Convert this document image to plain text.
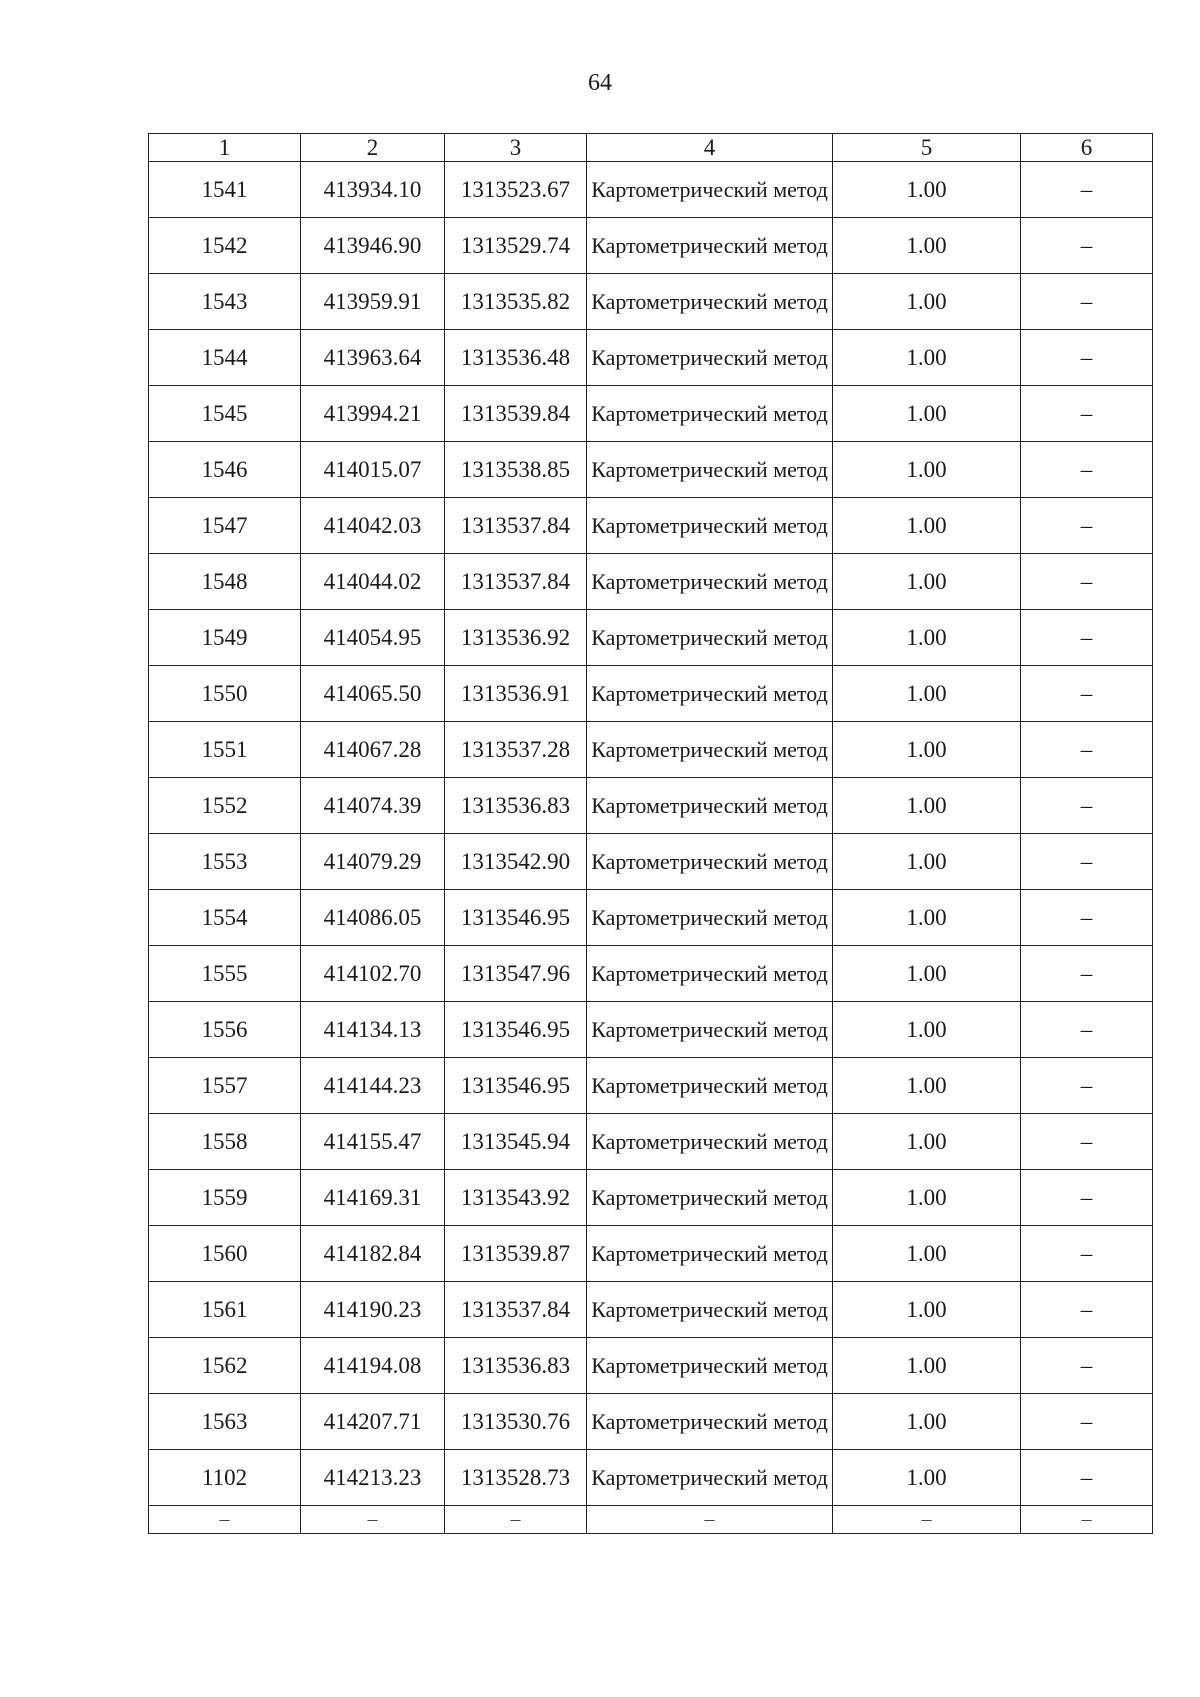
64
1	2	3	4	5	6
1541	413934.10	1313523.67	Картометрический метод	1.00	–
1542	413946.90	1313529.74	Картометрический метод	1.00	–
1543	413959.91	1313535.82	Картометрический метод	1.00	–
1544	413963.64	1313536.48	Картометрический метод	1.00	–
1545	413994.21	1313539.84	Картометрический метод	1.00	–
1546	414015.07	1313538.85	Картометрический метод	1.00	–
1547	414042.03	1313537.84	Картометрический метод	1.00	–
1548	414044.02	1313537.84	Картометрический метод	1.00	–
1549	414054.95	1313536.92	Картометрический метод	1.00	–
1550	414065.50	1313536.91	Картометрический метод	1.00	–
1551	414067.28	1313537.28	Картометрический метод	1.00	–
1552	414074.39	1313536.83	Картометрический метод	1.00	–
1553	414079.29	1313542.90	Картометрический метод	1.00	–
1554	414086.05	1313546.95	Картометрический метод	1.00	–
1555	414102.70	1313547.96	Картометрический метод	1.00	–
1556	414134.13	1313546.95	Картометрический метод	1.00	–
1557	414144.23	1313546.95	Картометрический метод	1.00	–
1558	414155.47	1313545.94	Картометрический метод	1.00	–
1559	414169.31	1313543.92	Картометрический метод	1.00	–
1560	414182.84	1313539.87	Картометрический метод	1.00	–
1561	414190.23	1313537.84	Картометрический метод	1.00	–
1562	414194.08	1313536.83	Картометрический метод	1.00	–
1563	414207.71	1313530.76	Картометрический метод	1.00	–
1102	414213.23	1313528.73	Картометрический метод	1.00	–
–	–	–	–	–	–
